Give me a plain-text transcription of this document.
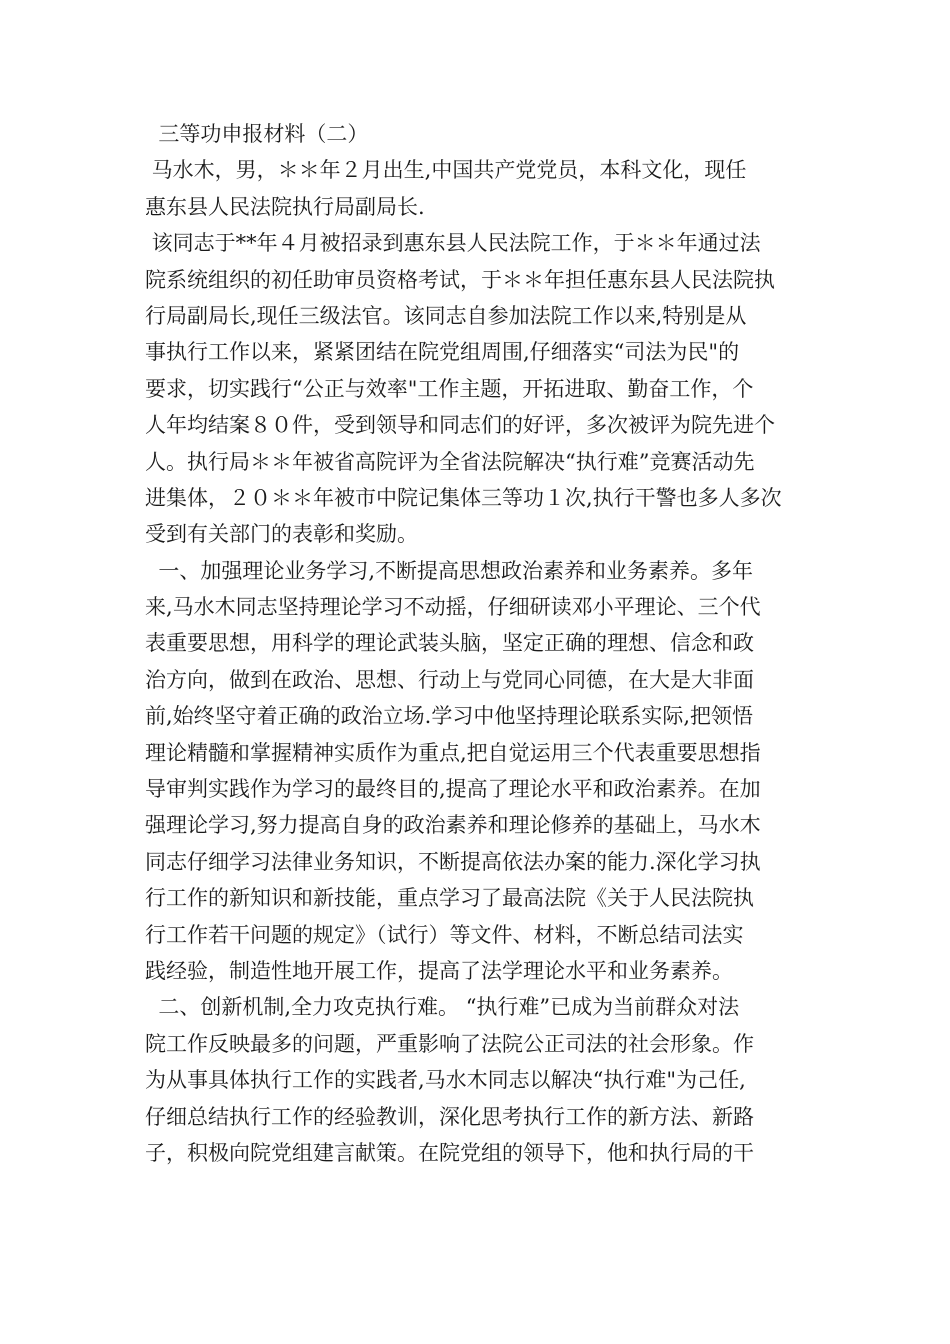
三等功申报材料（二）
马水木，男，＊＊年２月出生,中国共产党党员，本科文化，现任
惠东县人民法院执行局副局长.
该同志于**年４月被招录到惠东县人民法院工作，于＊＊年通过法
院系统组织的初任助审员资格考试，于＊＊年担任惠东县人民法院执
行局副局长,现任三级法官。该同志自参加法院工作以来,特别是从
事执行工作以来，紧紧团结在院党组周围,仔细落实“司法为民"的
要求，切实践行“公正与效率"工作主题，开拓进取、勤奋工作，个
人年均结案８０件，受到领导和同志们的好评，多次被评为院先进个
人。执行局＊＊年被省高院评为全省法院解决“执行难”竞赛活动先
进集体，２０＊＊年被市中院记集体三等功１次,执行干警也多人多次
受到有关部门的表彰和奖励。
一、加强理论业务学习,不断提高思想政治素养和业务素养。多年
来,马水木同志坚持理论学习不动摇，仔细研读邓小平理论、三个代
表重要思想，用科学的理论武装头脑，坚定正确的理想、信念和政
治方向，做到在政治、思想、行动上与党同心同德，在大是大非面
前,始终坚守着正确的政治立场.学习中他坚持理论联系实际,把领悟
理论精髓和掌握精神实质作为重点,把自觉运用三个代表重要思想指
导审判实践作为学习的最终目的,提高了理论水平和政治素养。在加
强理论学习,努力提高自身的政治素养和理论修养的基础上，马水木
同志仔细学习法律业务知识，不断提高依法办案的能力.深化学习执
行工作的新知识和新技能，重点学习了最高法院《关于人民法院执
行工作若干问题的规定》（试行）等文件、材料，不断总结司法实
践经验，制造性地开展工作，提高了法学理论水平和业务素养。
二、创新机制,全力攻克执行难。 “执行难”已成为当前群众对法
院工作反映最多的问题，严重影响了法院公正司法的社会形象。作
为从事具体执行工作的实践者,马水木同志以解决“执行难"为己任,
仔细总结执行工作的经验教训，深化思考执行工作的新方法、新路
子，积极向院党组建言献策。在院党组的领导下，他和执行局的干
